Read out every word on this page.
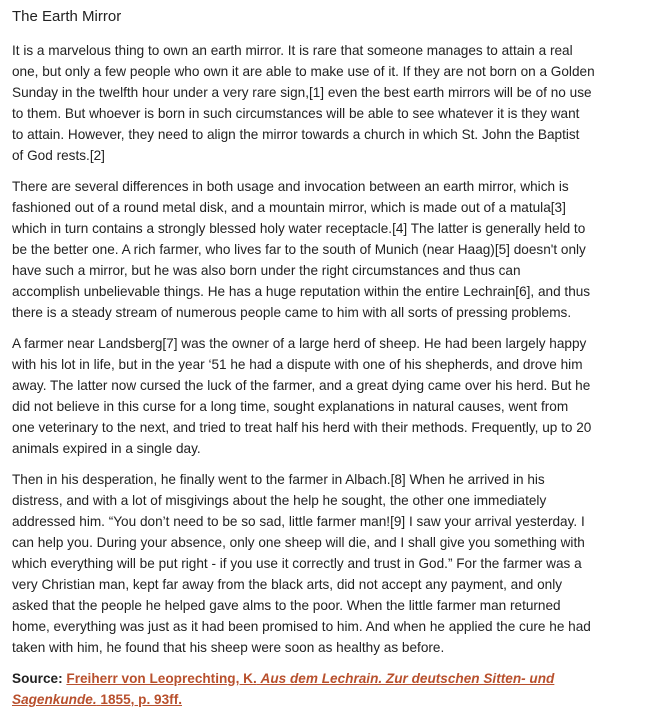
The Earth Mirror

It is a marvelous thing to own an earth mirror. It is rare that someone manages to attain a real
one, but only a few people who own it are able to make use of it. If they are not born on a Golden
Sunday in the twelfth hour under a very rare sign,[1] even the best earth mirrors will be of no use
to them. But whoever is born in such circumstances will be able to see whatever it is they want
to attain. However, they need to align the mirror towards a church in which St. John the Baptist
of God rests.[2]

There are several differences in both usage and invocation between an earth mirror, which is
fashioned out of a round metal disk, and a mountain mirror, which is made out of a matula[3]
which in turn contains a strongly blessed holy water receptacle.[4] The latter is generally held to
be the better one. A rich farmer, who lives far to the south of Munich (near Haag)[5] doesn't only
have such a mirror, but he was also born under the right circumstances and thus can
accomplish unbelievable things. He has a huge reputation within the entire Lechrain[6], and thus
there is a steady stream of numerous people came to him with all sorts of pressing problems.

A farmer near Landsberg[7] was the owner of a large herd of sheep. He had been largely happy
with his lot in life, but in the year ‘51 he had a dispute with one of his shepherds, and drove him
away. The latter now cursed the luck of the farmer, and a great dying came over his herd. But he
did not believe in this curse for a long time, sought explanations in natural causes, went from
one veterinary to the next, and tried to treat half his herd with their methods. Frequently, up to 20
animals expired in a single day.

Then in his desperation, he finally went to the farmer in Albach.[8] When he arrived in his
distress, and with a lot of misgivings about the help he sought, the other one immediately
addressed him. “You don’t need to be so sad, little farmer man![9] I saw your arrival yesterday. I
can help you. During your absence, only one sheep will die, and I shall give you something with
which everything will be put right - if you use it correctly and trust in God.” For the farmer was a
very Christian man, kept far away from the black arts, did not accept any payment, and only
asked that the people he helped gave alms to the poor. When the little farmer man returned
home, everything was just as it had been promised to him. And when he applied the cure he had
taken with him, he found that his sheep were soon as healthy as before.

Source: Freiherr von Leoprechting, K. Aus dem Lechrain. Zur deutschen Sitten- und
Sagenkunde. 1855, p. 93ff.
